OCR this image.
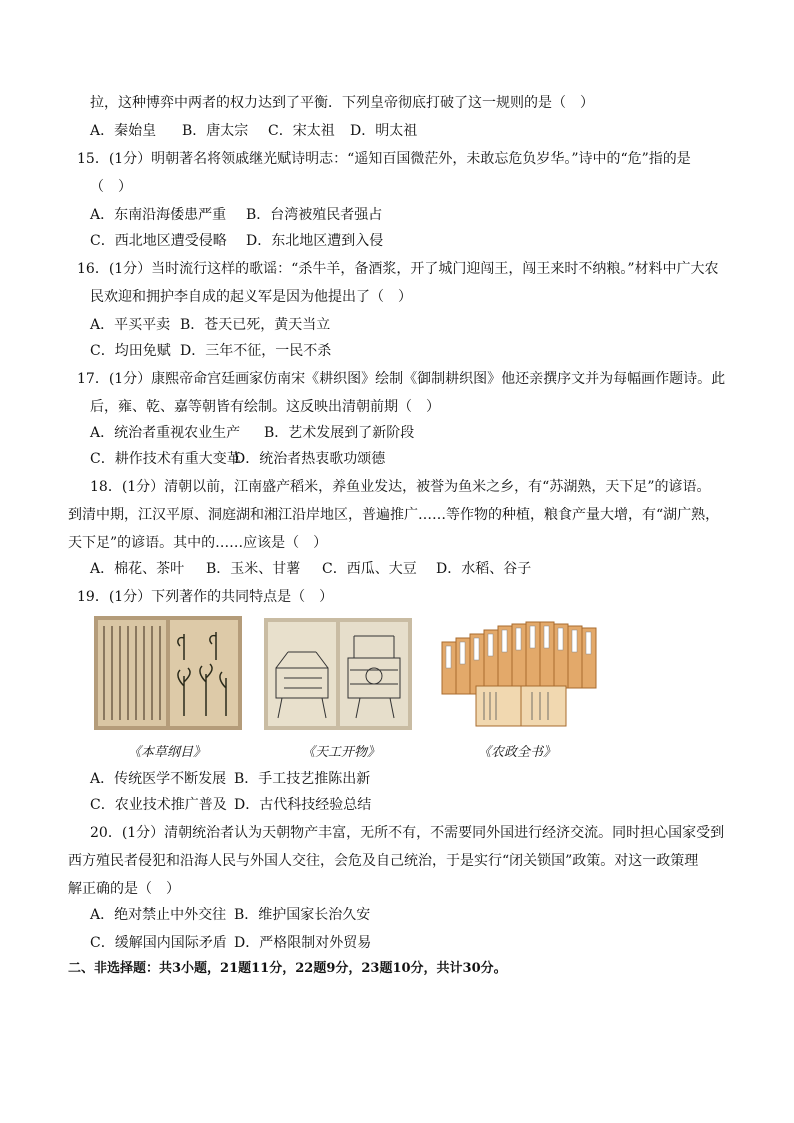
拉，这种博弈中两者的权力达到了平衡．下列皇帝彻底打破了这一规则的是（　）
A．秦始皇 B．唐太宗 C．宋太祖 D．明太祖
15．(1分）明朝著名将领戚继光赋诗明志：“遥知百国微茫外，未敢忘危负岁华。”诗中的“危”指的是
（　）
A．东南沿海倭患严重 B．台湾被殖民者强占
C．西北地区遭受侵略 D．东北地区遭到入侵
16．(1分）当时流行这样的歌谣：“杀牛羊，备酒浆，开了城门迎闯王，闯王来时不纳粮。”材料中广大农
民欢迎和拥护李自成的起义军是因为他提出了（　）
A．平买平卖 B．苍天已死，黄天当立
C．均田免赋 D．三年不征，一民不杀
17．(1分）康熙帝命宫廷画家仿南宋《耕织图》绘制《御制耕织图》他还亲撰序文并为每幅画作题诗。此
后，雍、乾、嘉等朝皆有绘制。这反映出清朝前期（　）
A．统治者重视农业生产 B．艺术发展到了新阶段
C．耕作技术有重大变革
D．统治者热衷歌功颂德
18．(1分）清朝以前，江南盛产稻米，养鱼业发达，被誉为鱼米之乡，有“苏湖熟，天下足”的谚语。
到清中期，江汉平原、洞庭湖和湘江沿岸地区，普遍推广……等作物的种植，粮食产量大增，有“湖广熟，
天下足”的谚语。其中的……应该是（　）
A．棉花、茶叶 B．玉米、甘薯 C．西瓜、大豆 D．水稻、谷子
19．(1分）下列著作的共同特点是（　）
《本草纲目》	《天工开物》	《农政全书》
A．传统医学不断发展 B．手工技艺推陈出新
C．农业技术推广普及 D．古代科技经验总结
20．(1分）清朝统治者认为天朝物产丰富，无所不有，不需要同外国进行经济交流。同时担心国家受到
西方殖民者侵犯和沿海人民与外国人交往，会危及自己统治，于是实行“闭关锁国”政策。对这一政策理
解正确的是（　）
A．绝对禁止中外交往 B．维护国家长治久安
C．缓解国内国际矛盾 D．严格限制对外贸易
二、非选择题：共3小题，21题11分，22题9分，23题10分，共计30分。
